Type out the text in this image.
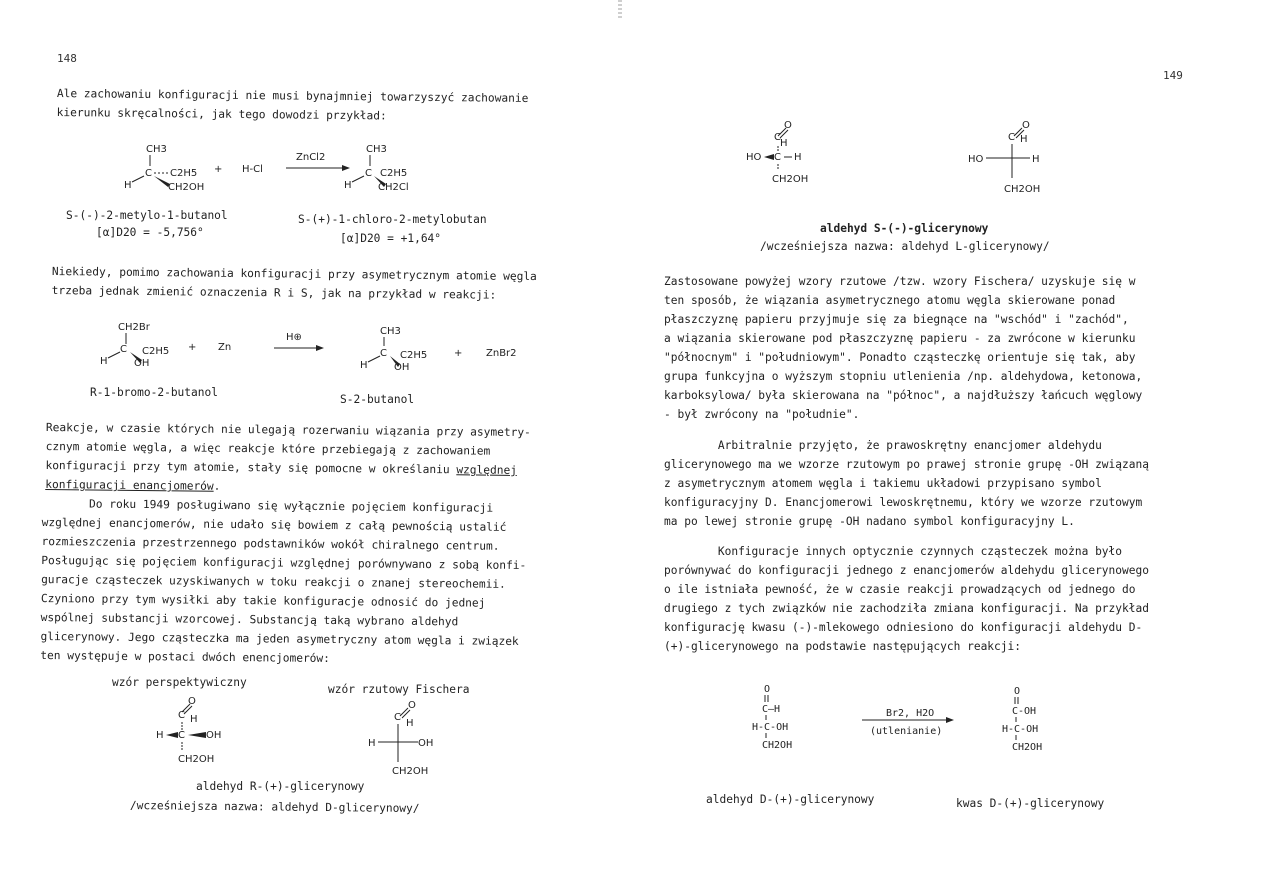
148
Ale zachowaniu konfiguracji nie musi bynajmniej towarzyszyć zachowanie
kierunku skręcalności, jak tego dowodzi przykład:
CH3
C C2H5
H	CH2OH
+ H-Cl
ZnCl2
CH3
C C2H5
H	CH2Cl
S-(-)-2-metylo-1-butanol
[α]D20 = -5,756°
S-(+)-1-chloro-2-metylobutan
[α]D20 = +1,64°
Niekiedy, pomimo zachowania konfiguracji przy asymetrycznym atomie węgla
trzeba jednak zmienić oznaczenia R i S, jak na przykład w reakcji:
CH2Br
C C2H5
H	OH
+ Zn
H⊕
CH3
C C2H5
H	OH
+ ZnBr2
R-1-bromo-2-butanol
S-2-butanol
Reakcje, w czasie których nie ulegają rozerwaniu wiązania przy asymetry-
cznym atomie węgla, a więc reakcje które przebiegają z zachowaniem
konfiguracji przy tym atomie, stały się pomocne w określaniu względnej
konfiguracji enancjomerów.
Do roku 1949 posługiwano się wyłącznie pojęciem konfiguracji
względnej enancjomerów, nie udało się bowiem z całą pewnością ustalić
rozmieszczenia przestrzennego podstawników wokół chiralnego centrum.
Posługując się pojęciem konfiguracji względnej porównywano z sobą konfi-
guracje cząsteczek uzyskiwanych w toku reakcji o znanej stereochemii.
Czyniono przy tym wysiłki aby takie konfiguracje odnosić do jednej
wspólnej substancji wzorcowej. Substancją taką wybrano aldehyd
glicerynowy. Jego cząsteczka ma jeden asymetryczny atom węgla i związek
ten występuje w postaci dwóch enencjomerów:
wzór perspektywiczny
wzór rzutowy Fischera
O
C H
H C OH
CH2OH
O
C
H
H	OH
CH2OH
aldehyd R-(+)-glicerynowy
/wcześniejsza nazwa: aldehyd D-glicerynowy/
149
O
C
H
HO C H
CH2OH
O
C H
HO	H
CH2OH
aldehyd S-(-)-glicerynowy
/wcześniejsza nazwa: aldehyd L-glicerynowy/
Zastosowane powyżej wzory rzutowe /tzw. wzory Fischera/ uzyskuje się w
ten sposób, że wiązania asymetrycznego atomu węgla skierowane ponad
płaszczyznę papieru przyjmuje się za biegnące na "wschód" i "zachód",
a wiązania skierowane pod płaszczyznę papieru - za zwrócone w kierunku
"północnym" i "południowym". Ponadto cząsteczkę orientuje się tak, aby
grupa funkcyjna o wyższym stopniu utlenienia /np. aldehydowa, ketonowa,
karboksylowa/ była skierowana na "północ", a najdłuższy łańcuch węglowy
- był zwrócony na "południe".
Arbitralnie przyjęto, że prawoskrętny enancjomer aldehydu
glicerynowego ma we wzorze rzutowym po prawej stronie grupę -OH związaną
z asymetrycznym atomem węgla i takiemu układowi przypisano symbol
konfiguracyjny D. Enancjomerowi lewoskrętnemu, który we wzorze rzutowym
ma po lewej stronie grupę -OH nadano symbol konfiguracyjny L.
Konfiguracje innych optycznie czynnych cząsteczek można było
porównywać do konfiguracji jednego z enancjomerów aldehydu glicerynowego
o ile istniała pewność, że w czasie reakcji prowadzących od jednego do
drugiego z tych związków nie zachodziła zmiana konfiguracji. Na przykład
konfigurację kwasu (-)-mlekowego odniesiono do konfiguracji aldehydu D-
(+)-glicerynowego na podstawie następujących reakcji:
O
C—H
H-C-OH
CH2OH
Br2, H2O
(utlenianie)
O
C-OH
H-C-OH
CH2OH
aldehyd D-(+)-glicerynowy	kwas D-(+)-glicerynowy
